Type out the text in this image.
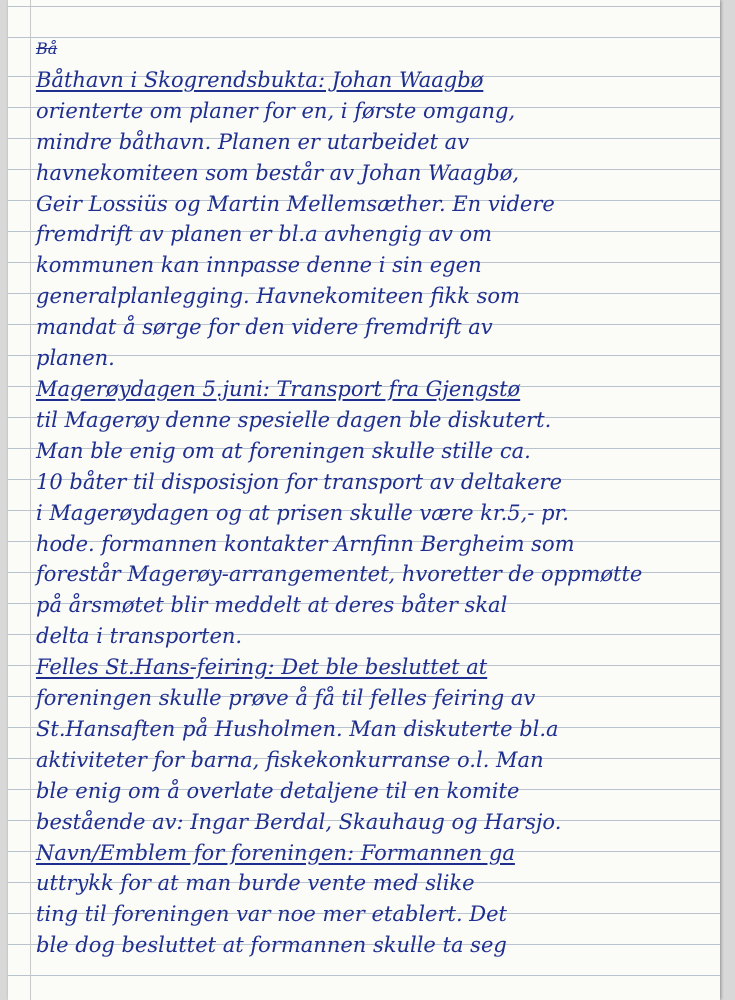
Bå
Båthavn i Skogrendsbukta: Johan Waagbø
orienterte om planer for en, i første omgang,
mindre båthavn. Planen er utarbeidet av
havnekomiteen som består av Johan Waagbø,
Geir Lossiüs og Martin Mellemsæther. En videre
fremdrift av planen er bl.a avhengig av om
kommunen kan innpasse denne i sin egen
generalplanlegging. Havnekomiteen fikk som
mandat å sørge for den videre fremdrift av
planen.
Magerøydagen 5.juni: Transport fra Gjengstø
til Magerøy denne spesielle dagen ble diskutert.
Man ble enig om at foreningen skulle stille ca.
10 båter til disposisjon for transport av deltakere
i Magerøydagen og at prisen skulle være kr.5,- pr.
hode. formannen kontakter Arnfinn Bergheim som
forestår Magerøy-arrangementet, hvoretter de oppmøtte
på årsmøtet blir meddelt at deres båter skal
delta i transporten.
Felles St.Hans-feiring: Det ble besluttet at
foreningen skulle prøve å få til felles feiring av
St.Hansaften på Husholmen. Man diskuterte bl.a
aktiviteter for barna, fiskekonkurranse o.l. Man
ble enig om å overlate detaljene til en komite
bestående av: Ingar Berdal, Skauhaug og Harsjo.
Navn/Emblem for foreningen: Formannen ga
uttrykk for at man burde vente med slike
ting til foreningen var noe mer etablert. Det
ble dog besluttet at formannen skulle ta seg
